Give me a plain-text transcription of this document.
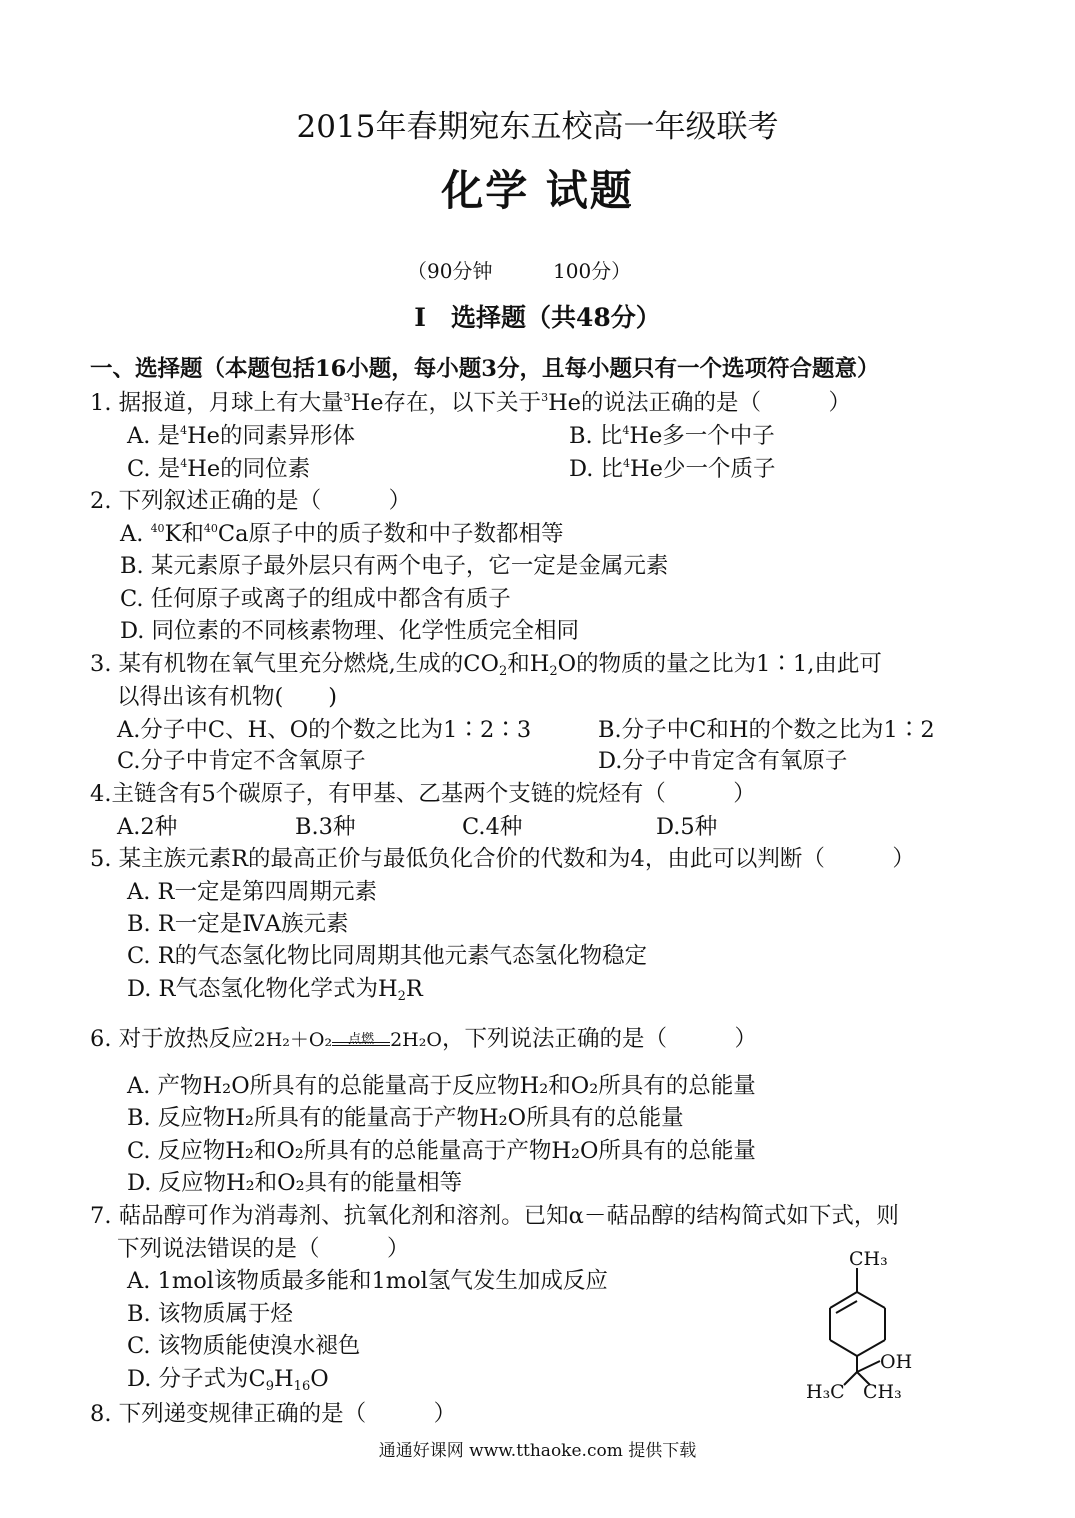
2015年春期宛东五校高一年级联考
化学 试题
（90分钟	100分）
I　选择题（共48分）
一、选择题（本题包括16小题，每小题3分，且每小题只有一个选项符合题意）
1. 据报道，月球上有大量$^3$He存在，以下关于$^3$He的说法正确的是（　　　）
A. 是$^4$He的同素异形体	B. 比$^4$He多一个中子
C. 是$^4$He的同位素	D. 比$^4$He少一个质子
2. 下列叙述正确的是（　　　）
A. $^{40}$K和$^{40}$Ca原子中的质子数和中子数都相等
B. 某元素原子最外层只有两个电子，它一定是金属元素
C. 任何原子或离子的组成中都含有质子
D. 同位素的不同核素物理、化学性质完全相同
3. 某有机物在氧气里充分燃烧,生成的$CO_2$和$H_2O$的物质的量之比为1∶1,由此可
以得出该有机物(　　)
A.分子中C、H、O的个数之比为1∶2∶3	B.分子中C和H的个数之比为1∶2
C.分子中肯定不含氧原子	D.分子中肯定含有氧原子
4.主链含有5个碳原子，有甲基、乙基两个支链的烷烃有（　　　）
A.2种	B.3种	C.4种	D.5种
5. 某主族元素R的最高正价与最低负化合价的代数和为4，由此可以判断（　　　）
A. R一定是第四周期元素
B. R一定是ⅣA族元素
C. R的气态氢化物比同周期其他元素气态氢化物稳定
D. R气态氢化物化学式为$H_2R$
6. 对于放热反应2H₂＋O₂	点燃 2H₂O，下列说法正确的是（　　　）
A. 产物H₂O所具有的总能量高于反应物H₂和O₂所具有的总能量
B. 反应物H₂所具有的能量高于产物H₂O所具有的总能量
C. 反应物H₂和O₂所具有的总能量高于产物H₂O所具有的总能量
D. 反应物H₂和O₂具有的能量相等
7. 萜品醇可作为消毒剂、抗氧化剂和溶剂。已知α－萜品醇的结构简式如下式，则
下列说法错误的是（　　　）
A. 1mol该物质最多能和1mol氢气发生加成反应
B. 该物质属于烃
C. 该物质能使溴水褪色
D. 分子式为$C_9H_{16}O$
CH₃
OH
H₃C CH₃
8. 下列递变规律正确的是（　　　）
通通好课网 www.tthaoke.com 提供下载
